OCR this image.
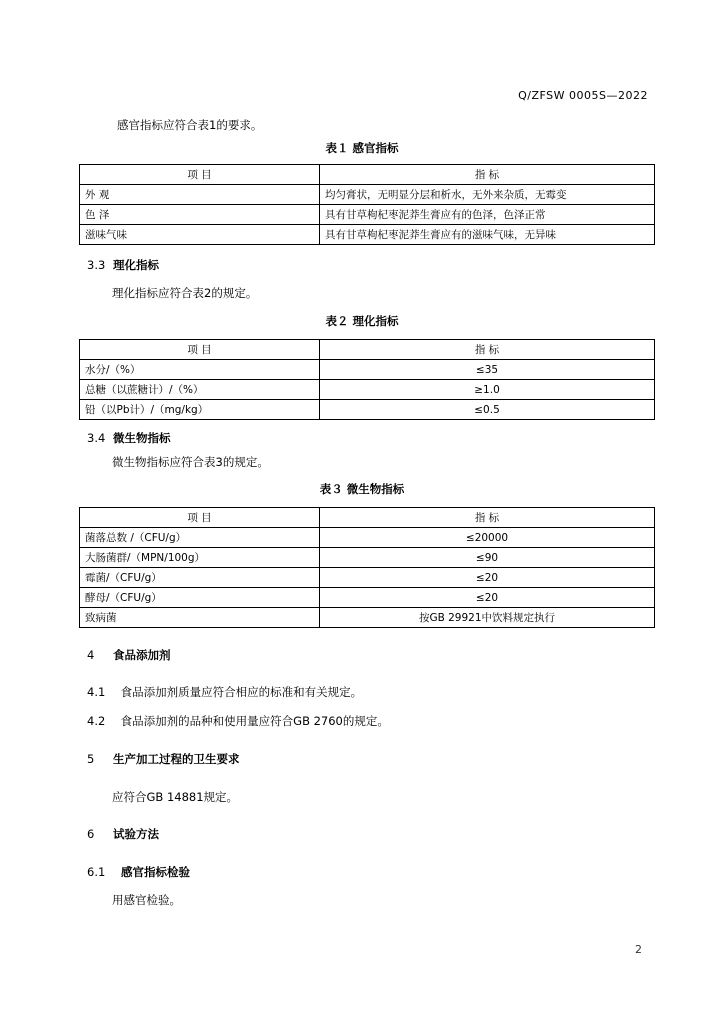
Q/ZFSW 0005S—2022
感官指标应符合表1的要求。
表１ 感官指标
项 目	指 标
外 观	均匀膏状，无明显分层和析水，无外来杂质，无霉变
色 泽	具有甘草枸杞枣泥莽生膏应有的色泽，色泽正常
滋味气味	具有甘草枸杞枣泥莽生膏应有的滋味气味，无异味
3.3 理化指标
理化指标应符合表2的规定。
表２ 理化指标
项 目	指 标
水分/（%）	≤35
总糖（以蔗糖计）/（%）	≥1.0
铅（以Pb计）/（mg/kg）	≤0.5
3.4 微生物指标
微生物指标应符合表3的规定。
表３ 微生物指标
项 目	指 标
菌落总数 /（CFU/g）	≤20000
大肠菌群/（MPN/100g）	≤90
霉菌/（CFU/g）	≤20
酵母/（CFU/g）	≤20
致病菌	按GB 29921中饮料规定执行
4 食品添加剂
4.1 食品添加剂质量应符合相应的标准和有关规定。
4.2 食品添加剂的品种和使用量应符合GB 2760的规定。
5 生产加工过程的卫生要求
应符合GB 14881规定。
6 试验方法
6.1 感官指标检验
用感官检验。
2
